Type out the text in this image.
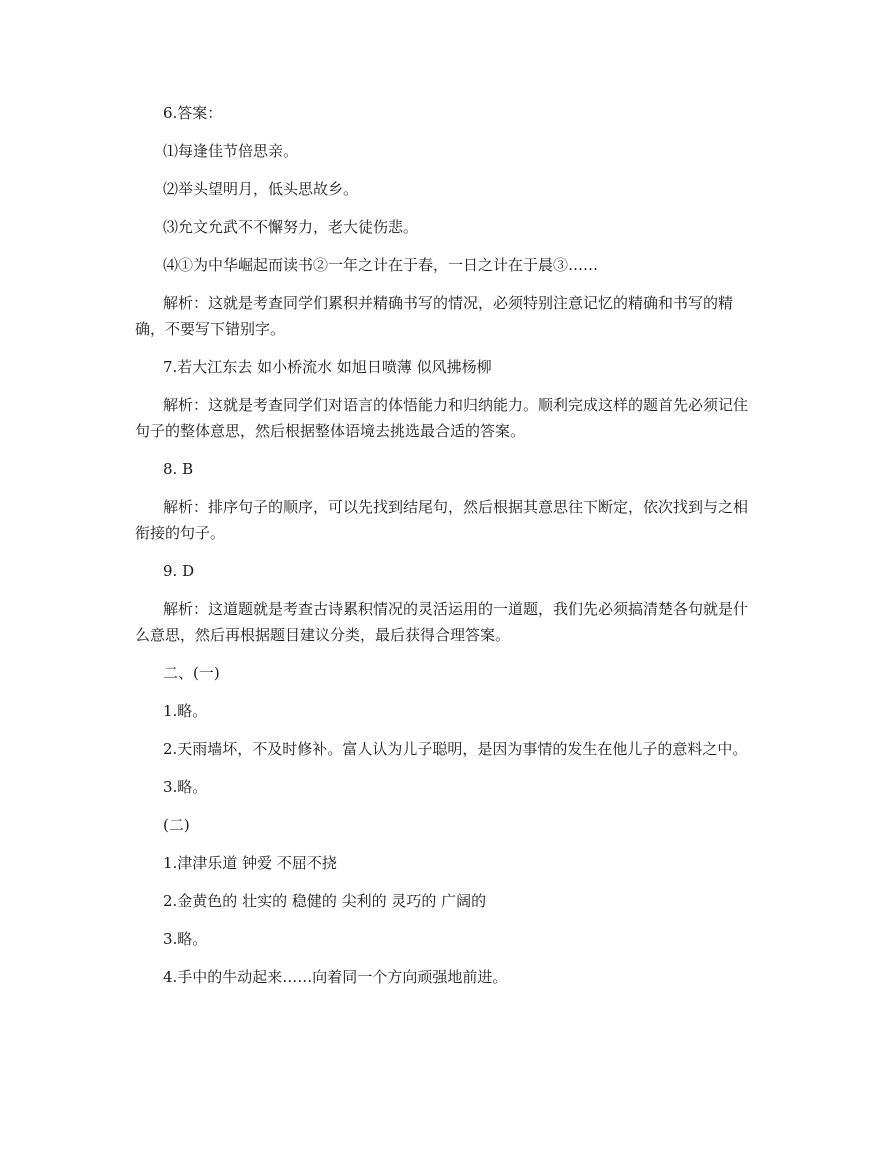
6.答案：

⑴每逢佳节倍思亲。

⑵举头望明月，低头思故乡。

⑶允文允武不不懈努力，老大徒伤悲。

⑷①为中华崛起而读书②一年之计在于春，一日之计在于晨③……

解析：这就是考查同学们累积并精确书写的情况，必须特别注意记忆的精确和书写的精确，不要写下错别字。

7.若大江东去 如小桥流水 如旭日喷薄 似风拂杨柳

解析：这就是考查同学们对语言的体悟能力和归纳能力。顺利完成这样的题首先必须记住句子的整体意思，然后根据整体语境去挑选最合适的答案。

8. B

解析：排序句子的顺序，可以先找到结尾句，然后根据其意思往下断定，依次找到与之相衔接的句子。

9. D

解析：这道题就是考查古诗累积情况的灵活运用的一道题，我们先必须搞清楚各句就是什么意思，然后再根据题目建议分类，最后获得合理答案。

二、(一)

1.略。

2.天雨墙坏，不及时修补。富人认为儿子聪明，是因为事情的发生在他儿子的意料之中。

3.略。

(二)

1.津津乐道 钟爱 不屈不挠

2.金黄色的 壮实的 稳健的 尖利的 灵巧的 广阔的

3.略。

4.手中的牛动起来……向着同一个方向顽强地前进。
